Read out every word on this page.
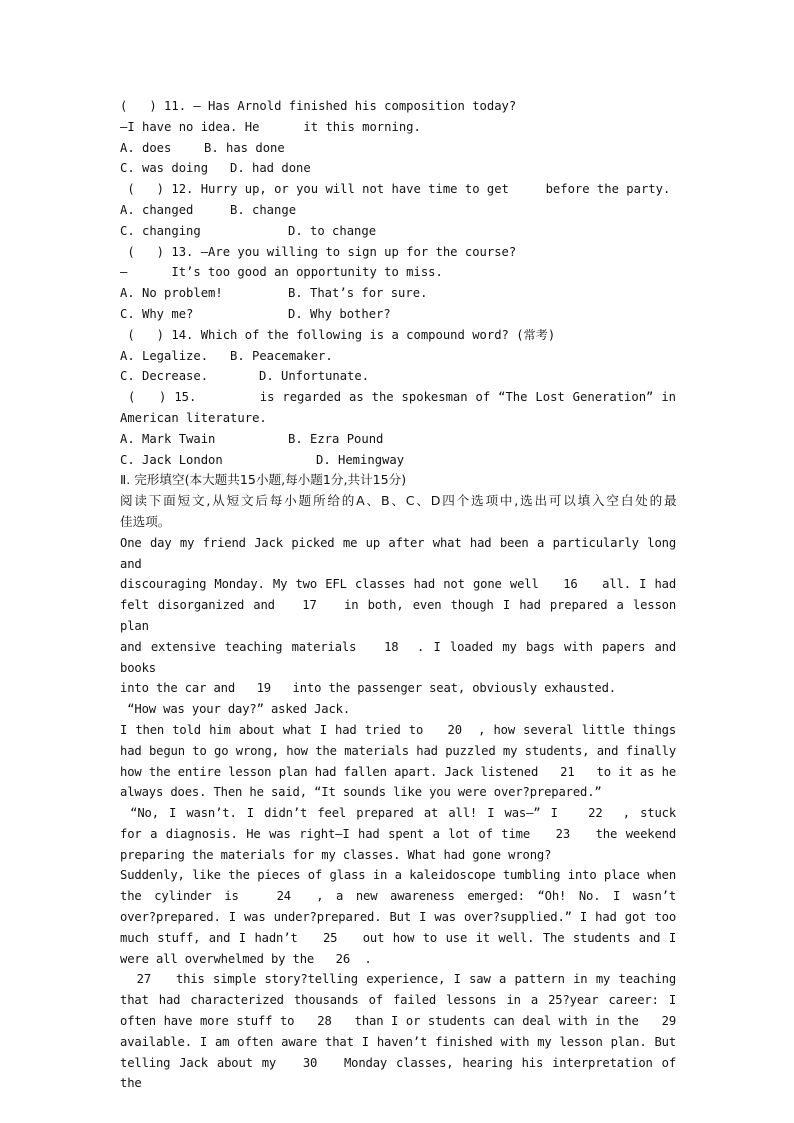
(   ) 11. — Has Arnold finished his composition today?
—I have no idea. He      it this morning.
A. does	B. has done
C. was doing	D. had done
(   ) 12. Hurry up, or you will not have time to get     before the party.
A. changed	B. change
C. changing	D. to change
(   ) 13. —Are you willing to sign up for the course?
—      It’s too good an opportunity to miss.
A. No problem!	B. That’s for sure.
C. Why me?	D. Why bother?
(   ) 14. Which of the following is a compound word? (常考)
A. Legalize.	B. Peacemaker.
C. Decrease.	D. Unfortunate.
(   ) 15.        is regarded as the spokesman of “The Lost Generation” in
American literature.
A. Mark Twain	B. Ezra Pound
C. Jack London	D. Hemingway
Ⅱ. 完形填空(本大题共15小题,每小题1分,共计15分)
阅读下面短文,从短文后每小题所给的A、B、C、D四个选项中,选出可以填入空白处的最
佳选项。
One day my friend Jack picked me up after what had been a particularly long and
discouraging Monday. My two EFL classes had not gone well   16   all. I had
felt disorganized and   17   in both, even though I had prepared a lesson plan
and extensive teaching materials   18  . I loaded my bags with papers and books
into the car and   19   into the passenger seat, obviously exhausted.
“How was your day?” asked Jack.
I then told him about what I had tried to   20  , how several little things
had begun to go wrong, how the materials had puzzled my students, and finally
how the entire lesson plan had fallen apart. Jack listened   21   to it as he
always does. Then he said, “It sounds like you were over?prepared.”
“No, I wasn’t. I didn’t feel prepared at all! I was—” I   22  , stuck
for a diagnosis. He was right—I had spent a lot of time   23   the weekend
preparing the materials for my classes. What had gone wrong?
Suddenly, like the pieces of glass in a kaleidoscope tumbling into place when
the cylinder is   24  , a new awareness emerged: “Oh! No. I wasn’t
over?prepared. I was under?prepared. But I was over?supplied.” I had got too
much stuff, and I hadn’t   25   out how to use it well. The students and I
were all overwhelmed by the   26  .
27   this simple story?telling experience, I saw a pattern in my teaching
that had characterized thousands of failed lessons in a 25?year career: I
often have more stuff to   28   than I or students can deal with in the   29
available. I am often aware that I haven’t finished with my lesson plan. But
telling Jack about my   30   Monday classes, hearing his interpretation of the
